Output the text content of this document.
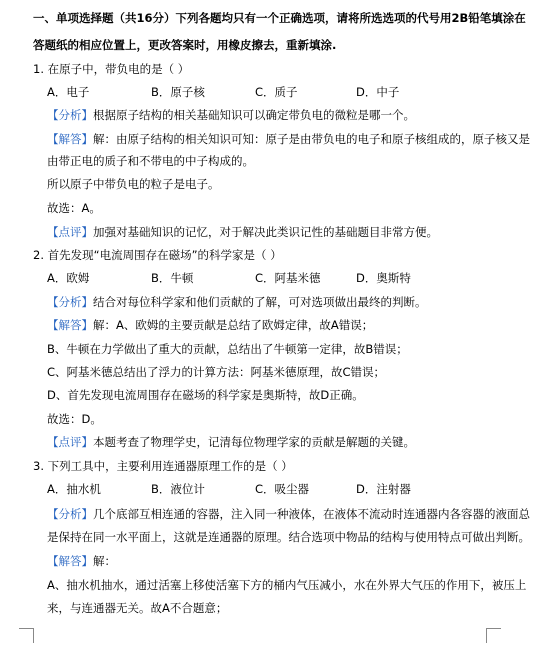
一、单项选择题（共16分）下列各题均只有一个正确选项，请将所选选项的代号用2B铅笔填涂在
答题纸的相应位置上，更改答案时，用橡皮擦去，重新填涂.
1. 在原子中，带负电的是（ ）
A．电子	B．原子核	C．质子	D．中子
【分析】根据原子结构的相关基础知识可以确定带负电的微粒是哪一个。
【解答】解：由原子结构的相关知识可知：原子是由带负电的电子和原子核组成的，原子核又是
由带正电的质子和不带电的中子构成的。
所以原子中带负电的粒子是电子。
故选：A。
【点评】加强对基础知识的记忆，对于解决此类识记性的基础题目非常方便。
2. 首先发现“电流周围存在磁场”的科学家是（ ）
A．欧姆	B．牛顿	C．阿基米德	D．奥斯特
【分析】结合对每位科学家和他们贡献的了解，可对选项做出最终的判断。
【解答】解：A、欧姆的主要贡献是总结了欧姆定律，故A错误；
B、牛顿在力学做出了重大的贡献，总结出了牛顿第一定律，故B错误；
C、阿基米德总结出了浮力的计算方法：阿基米德原理，故C错误；
D、首先发现电流周围存在磁场的科学家是奥斯特，故D正确。
故选：D。
【点评】本题考查了物理学史，记清每位物理学家的贡献是解题的关键。
3. 下列工具中，主要利用连通器原理工作的是（ ）
A．抽水机	B．液位计	C．吸尘器	D．注射器
【分析】几个底部互相连通的容器，注入同一种液体，在液体不流动时连通器内各容器的液面总
是保持在同一水平面上，这就是连通器的原理。结合选项中物品的结构与使用特点可做出判断。
【解答】解：
A、抽水机抽水，通过活塞上移使活塞下方的桶内气压减小，水在外界大气压的作用下，被压上
来，与连通器无关。故A不合题意；
